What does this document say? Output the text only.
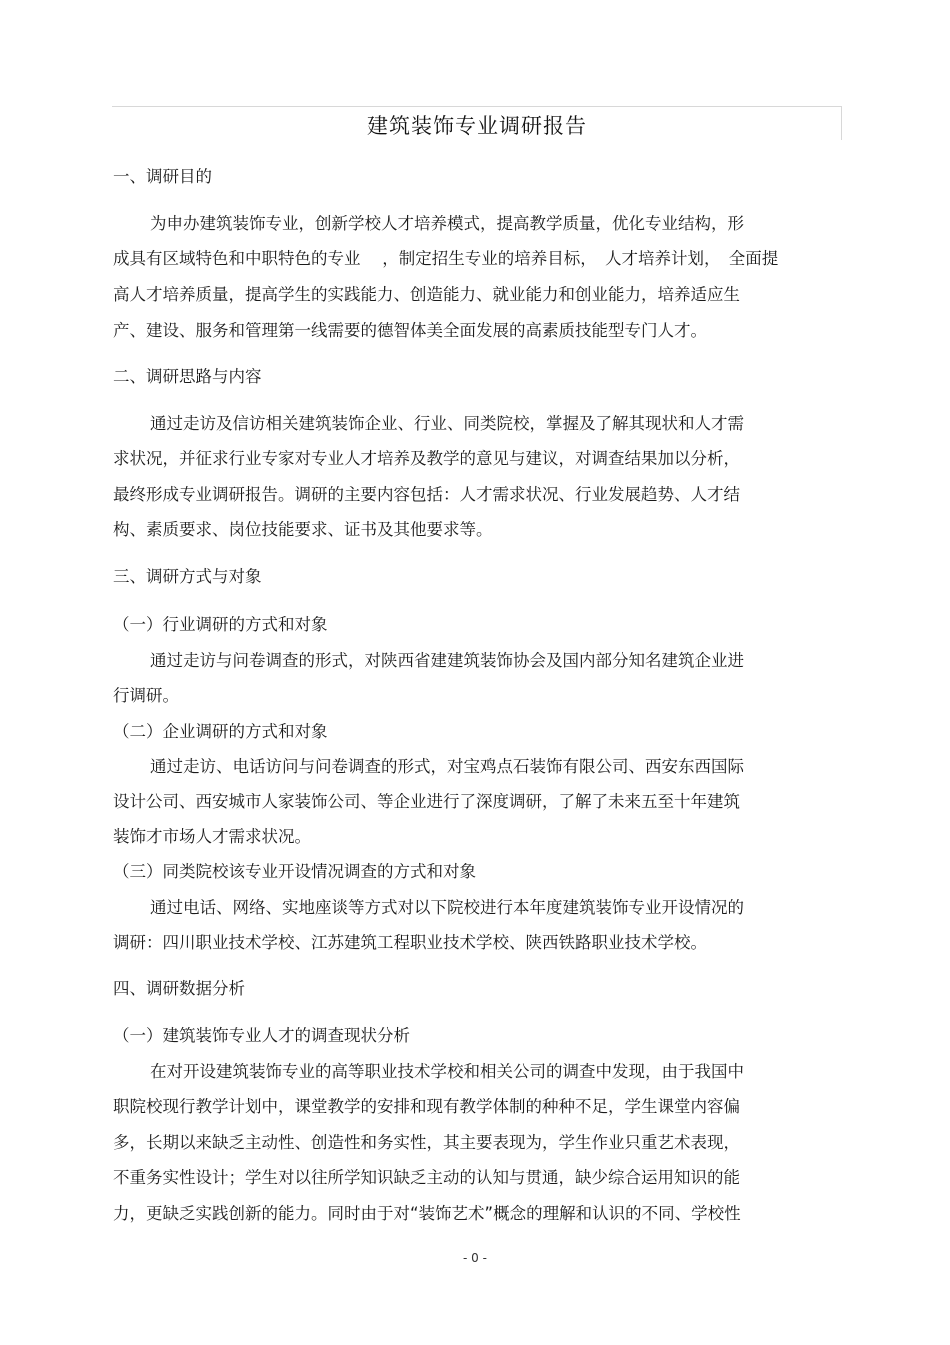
建筑装饰专业调研报告
一、调研目的
为申办建筑装饰专业，创新学校人才培养模式，提高教学质量，优化专业结构，形
成具有区域特色和中职特色的专业　 ，制定招生专业的培养目标，　人才培养计划，　全面提
高人才培养质量，提高学生的实践能力、创造能力、就业能力和创业能力，培养适应生
产、建设、服务和管理第一线需要的德智体美全面发展的高素质技能型专门人才。
二、调研思路与内容
通过走访及信访相关建筑装饰企业、行业、同类院校，掌握及了解其现状和人才需
求状况，并征求行业专家对专业人才培养及教学的意见与建议，对调查结果加以分析，
最终形成专业调研报告。调研的主要内容包括：人才需求状况、行业发展趋势、人才结
构、素质要求、岗位技能要求、证书及其他要求等。
三、调研方式与对象
（一）行业调研的方式和对象
通过走访与问卷调查的形式，对陕西省建建筑装饰协会及国内部分知名建筑企业进
行调研。
（二）企业调研的方式和对象
通过走访、电话访问与问卷调查的形式，对宝鸡点石装饰有限公司、西安东西国际
设计公司、西安城市人家装饰公司、等企业进行了深度调研，了解了未来五至十年建筑
装饰才市场人才需求状况。
（三）同类院校该专业开设情况调查的方式和对象
通过电话、网络、实地座谈等方式对以下院校进行本年度建筑装饰专业开设情况的
调研：四川职业技术学校、江苏建筑工程职业技术学校、陕西铁路职业技术学校。
四、调研数据分析
（一）建筑装饰专业人才的调查现状分析
在对开设建筑装饰专业的高等职业技术学校和相关公司的调查中发现，由于我国中
职院校现行教学计划中，课堂教学的安排和现有教学体制的种种不足，学生课堂内容偏
多，长期以来缺乏主动性、创造性和务实性，其主要表现为，学生作业只重艺术表现，
不重务实性设计；学生对以往所学知识缺乏主动的认知与贯通，缺少综合运用知识的能
力，更缺乏实践创新的能力。同时由于对“装饰艺术”概念的理解和认识的不同、学校性
- 0 -
